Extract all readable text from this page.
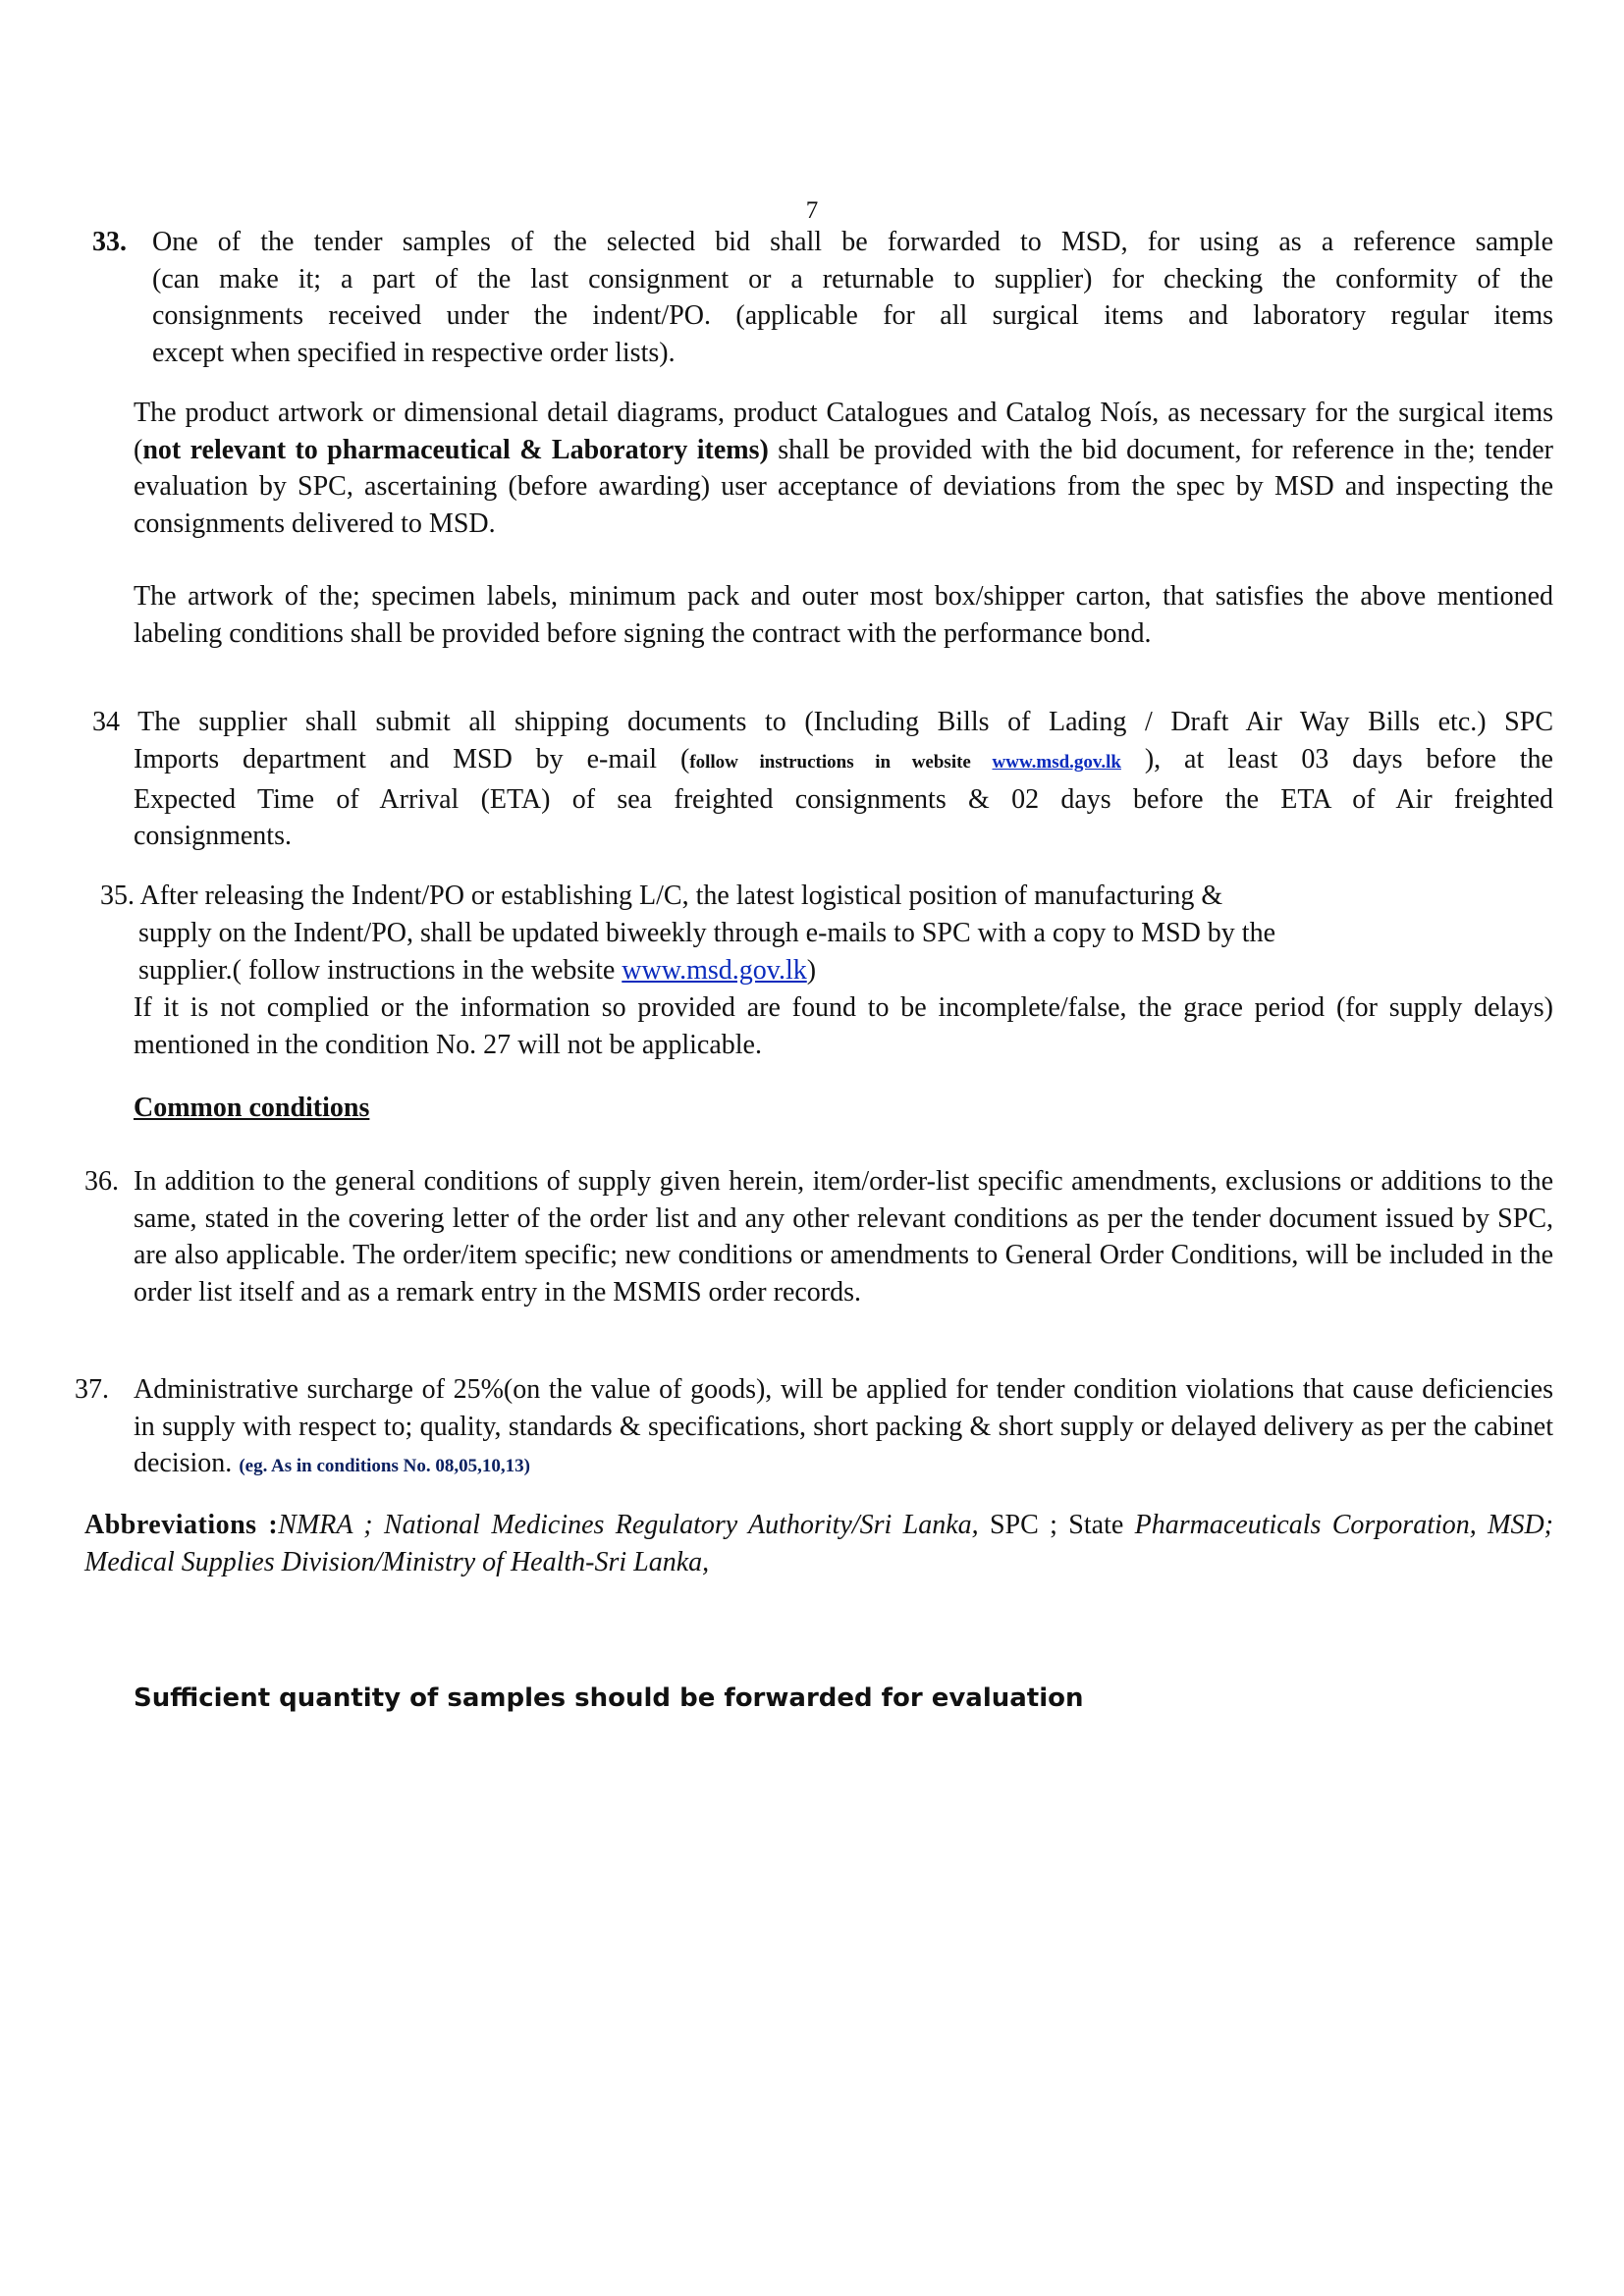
7
33. One of the tender samples of the selected bid shall be forwarded to MSD, for using as a reference sample
(can make it; a part of the last consignment or a returnable to supplier) for checking the conformity of the
consignments received under the indent/PO. (applicable for all surgical items and laboratory regular items
except when specified in respective order lists).
The product artwork or dimensional detail diagrams, product Catalogues and Catalog Noís, as necessary for the surgical items (not relevant to pharmaceutical & Laboratory items) shall be provided with the bid document, for reference in the; tender evaluation by SPC, ascertaining (before awarding) user acceptance of deviations from the spec by MSD and inspecting the consignments delivered to MSD.
The artwork of the; specimen labels, minimum pack and outer most box/shipper carton, that satisfies the above mentioned labeling conditions shall be provided before signing the contract with the performance bond.
34 The supplier shall submit all shipping documents to (Including Bills of Lading / Draft Air Way Bills etc.) SPC
Imports department and MSD by e-mail (follow instructions in website www.msd.gov.lk ), at least 03 days before the
Expected Time of Arrival (ETA) of sea freighted consignments & 02 days before the ETA of Air freighted
consignments.
35. After releasing the Indent/PO or establishing L/C, the latest logistical position of manufacturing &
supply on the Indent/PO, shall be updated biweekly through e-mails to SPC with a copy to MSD by the
supplier.( follow instructions in the website www.msd.gov.lk)
If it is not complied or the information so provided are found to be incomplete/false, the grace period (for supply delays) mentioned in the condition No. 27 will not be applicable.
Common conditions
36. In addition to the general conditions of supply given herein, item/order-list specific amendments, exclusions or additions to the same, stated in the covering letter of the order list and any other relevant conditions as per the tender document issued by SPC, are also applicable. The order/item specific; new conditions or amendments to General Order Conditions, will be included in the order list itself and as a remark entry in the MSMIS order records.
37. Administrative surcharge of 25%(on the value of goods), will be applied for tender condition violations that cause deficiencies in supply with respect to; quality, standards & specifications, short packing & short supply or delayed delivery as per the cabinet decision. (eg. As in conditions No. 08,05,10,13)
Abbreviations :NMRA ; National Medicines Regulatory Authority/Sri Lanka, SPC ; State Pharmaceuticals Corporation, MSD; Medical Supplies Division/Ministry of Health-Sri Lanka,
Sufficient quantity of samples should be forwarded for evaluation
